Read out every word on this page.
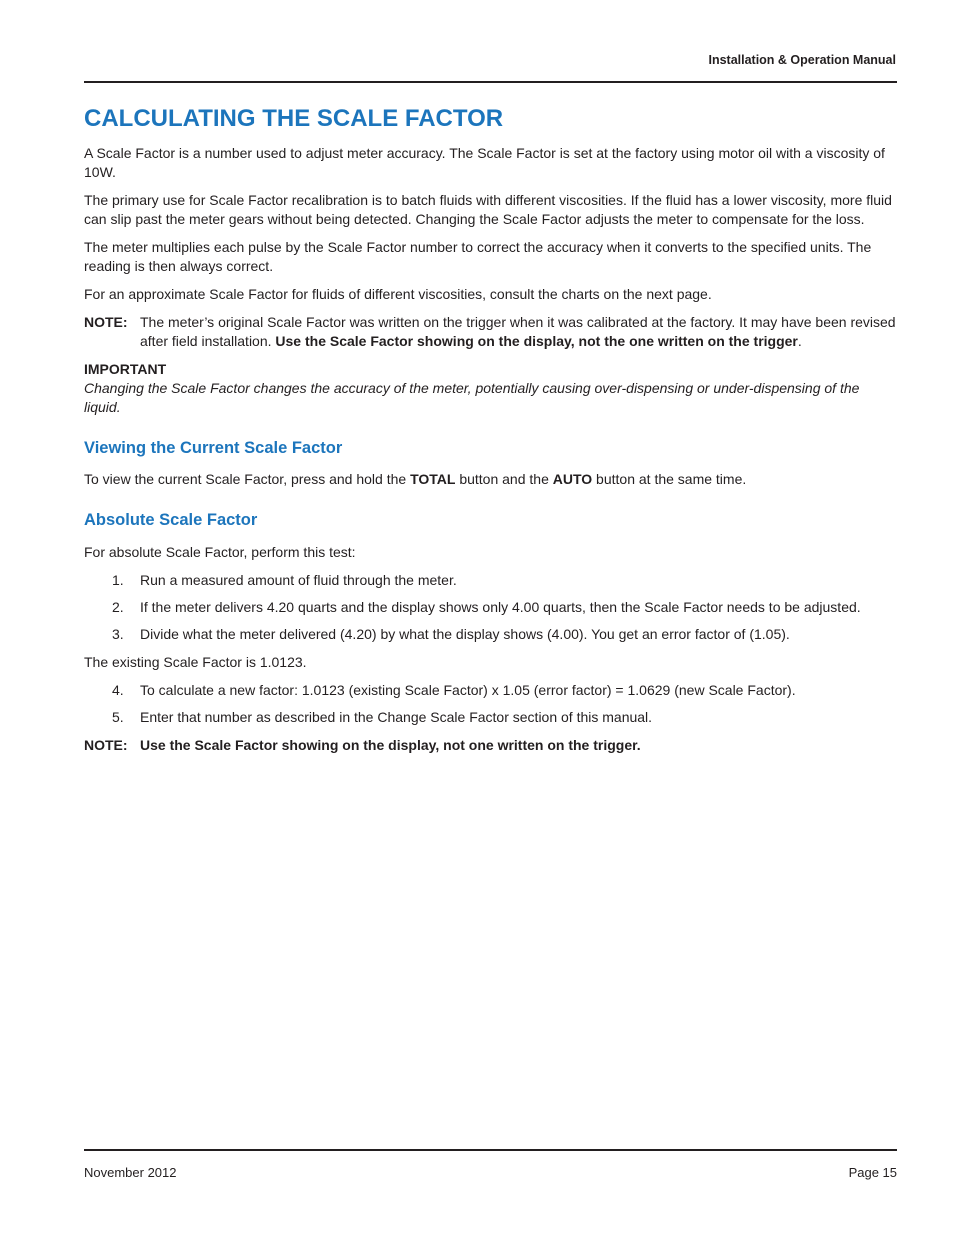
Installation & Operation Manual
CALCULATING THE SCALE FACTOR

A Scale Factor is a number used to adjust meter accuracy. The Scale Factor is set at the factory using motor oil with a viscosity of 10W.

The primary use for Scale Factor recalibration is to batch fluids with different viscosities. If the fluid has a lower viscosity, more fluid can slip past the meter gears without being detected. Changing the Scale Factor adjusts the meter to compensate for the loss.

The meter multiplies each pulse by the Scale Factor number to correct the accuracy when it converts to the specified units. The reading is then always correct.

For an approximate Scale Factor for fluids of different viscosities, consult the charts on the next page.

NOTE: The meter’s original Scale Factor was written on the trigger when it was calibrated at the factory. It may have been revised after field installation. Use the Scale Factor showing on the display, not the one written on the trigger.

IMPORTANT

Changing the Scale Factor changes the accuracy of the meter, potentially causing over-dispensing or under-dispensing of the liquid.

Viewing the Current Scale Factor

To view the current Scale Factor, press and hold the TOTAL button and the AUTO button at the same time.

Absolute Scale Factor

For absolute Scale Factor, perform this test:

1.	Run a measured amount of fluid through the meter.
2.	If the meter delivers 4.20 quarts and the display shows only 4.00 quarts, then the Scale Factor needs to be adjusted.
3.	Divide what the meter delivered (4.20) by what the display shows (4.00). You get an error factor of (1.05).

The existing Scale Factor is 1.0123.

4.	To calculate a new factor: 1.0123 (existing Scale Factor) x 1.05 (error factor) = 1.0629 (new Scale Factor).
5.	Enter that number as described in the Change Scale Factor section of this manual.
NOTE: Use the Scale Factor showing on the display, not one written on the trigger.
November 2012	Page 15
